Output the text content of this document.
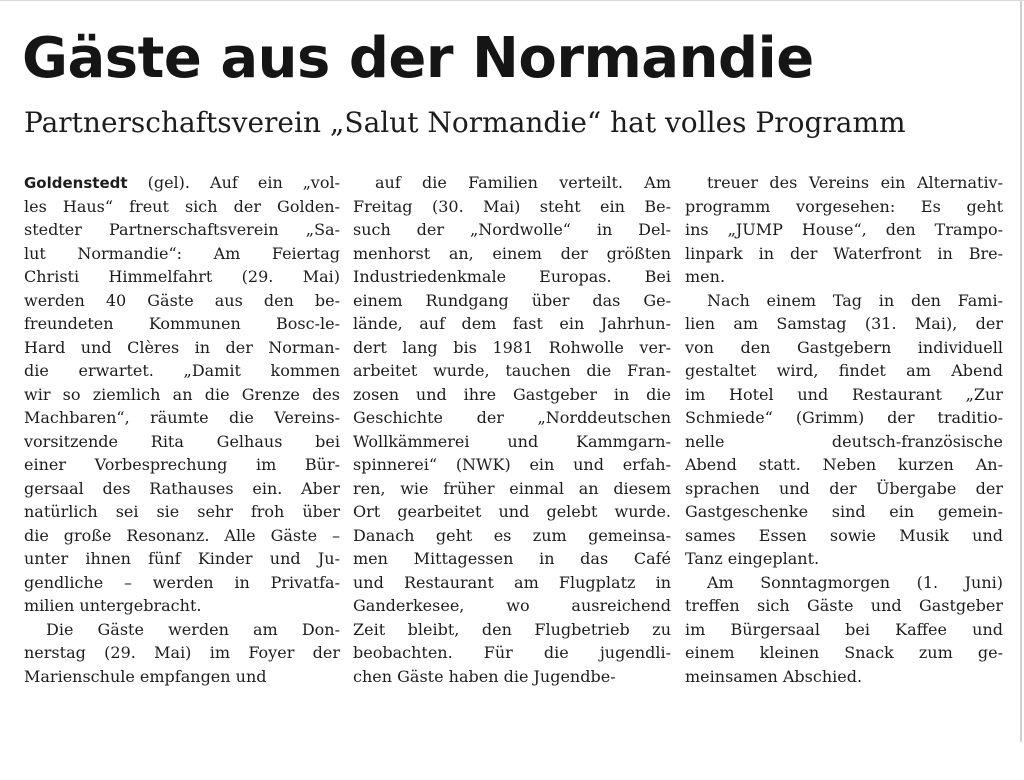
Gäste aus der Normandie
Partnerschaftsverein „Salut Normandie“ hat volles Programm

Goldenstedt (gel). Auf ein „vol-
les Haus“ freut sich der Golden-
stedter Partnerschaftsverein „Sa-
lut Normandie“: Am Feiertag
Christi Himmelfahrt (29. Mai)
werden 40 Gäste aus den be-
freundeten Kommunen Bosc-le-
Hard und Clères in der Norman-
die erwartet. „Damit kommen
wir so ziemlich an die Grenze des
Machbaren“, räumte die Vereins-
vorsitzende Rita Gelhaus bei
einer Vorbesprechung im Bür-
gersaal des Rathauses ein. Aber
natürlich sei sie sehr froh über
die große Resonanz. Alle Gäste –
unter ihnen fünf Kinder und Ju-
gendliche – werden in Privatfa-
milien untergebracht.

Die Gäste werden am Don-
nerstag (29. Mai) im Foyer der
Marienschule empfangen und

auf die Familien verteilt. Am
Freitag (30. Mai) steht ein Be-
such der „Nordwolle“ in Del-
menhorst an, einem der größten
Industriedenkmale Europas. Bei
einem Rundgang über das Ge-
lände, auf dem fast ein Jahrhun-
dert lang bis 1981 Rohwolle ver-
arbeitet wurde, tauchen die Fran-
zosen und ihre Gastgeber in die
Geschichte der „Norddeutschen
Wollkämmerei und Kammgarn-
spinnerei“ (NWK) ein und erfah-
ren, wie früher einmal an diesem
Ort gearbeitet und gelebt wurde.
Danach geht es zum gemeinsa-
men Mittagessen in das Café
und Restaurant am Flugplatz in
Ganderkesee, wo ausreichend
Zeit bleibt, den Flugbetrieb zu
beobachten. Für die jugendli-
chen Gäste haben die Jugendbe-

treuer des Vereins ein Alternativ-
programm vorgesehen: Es geht
ins „JUMP House“, den Trampo-
linpark in der Waterfront in Bre-
men.

Nach einem Tag in den Fami-
lien am Samstag (31. Mai), der
von den Gastgebern individuell
gestaltet wird, findet am Abend
im Hotel und Restaurant „Zur
Schmiede“ (Grimm) der traditio-
nelle deutsch-französische
Abend statt. Neben kurzen An-
sprachen und der Übergabe der
Gastgeschenke sind ein gemein-
sames Essen sowie Musik und
Tanz eingeplant.

Am Sonntagmorgen (1. Juni)
treffen sich Gäste und Gastgeber
im Bürgersaal bei Kaffee und
einem kleinen Snack zum ge-
meinsamen Abschied.
